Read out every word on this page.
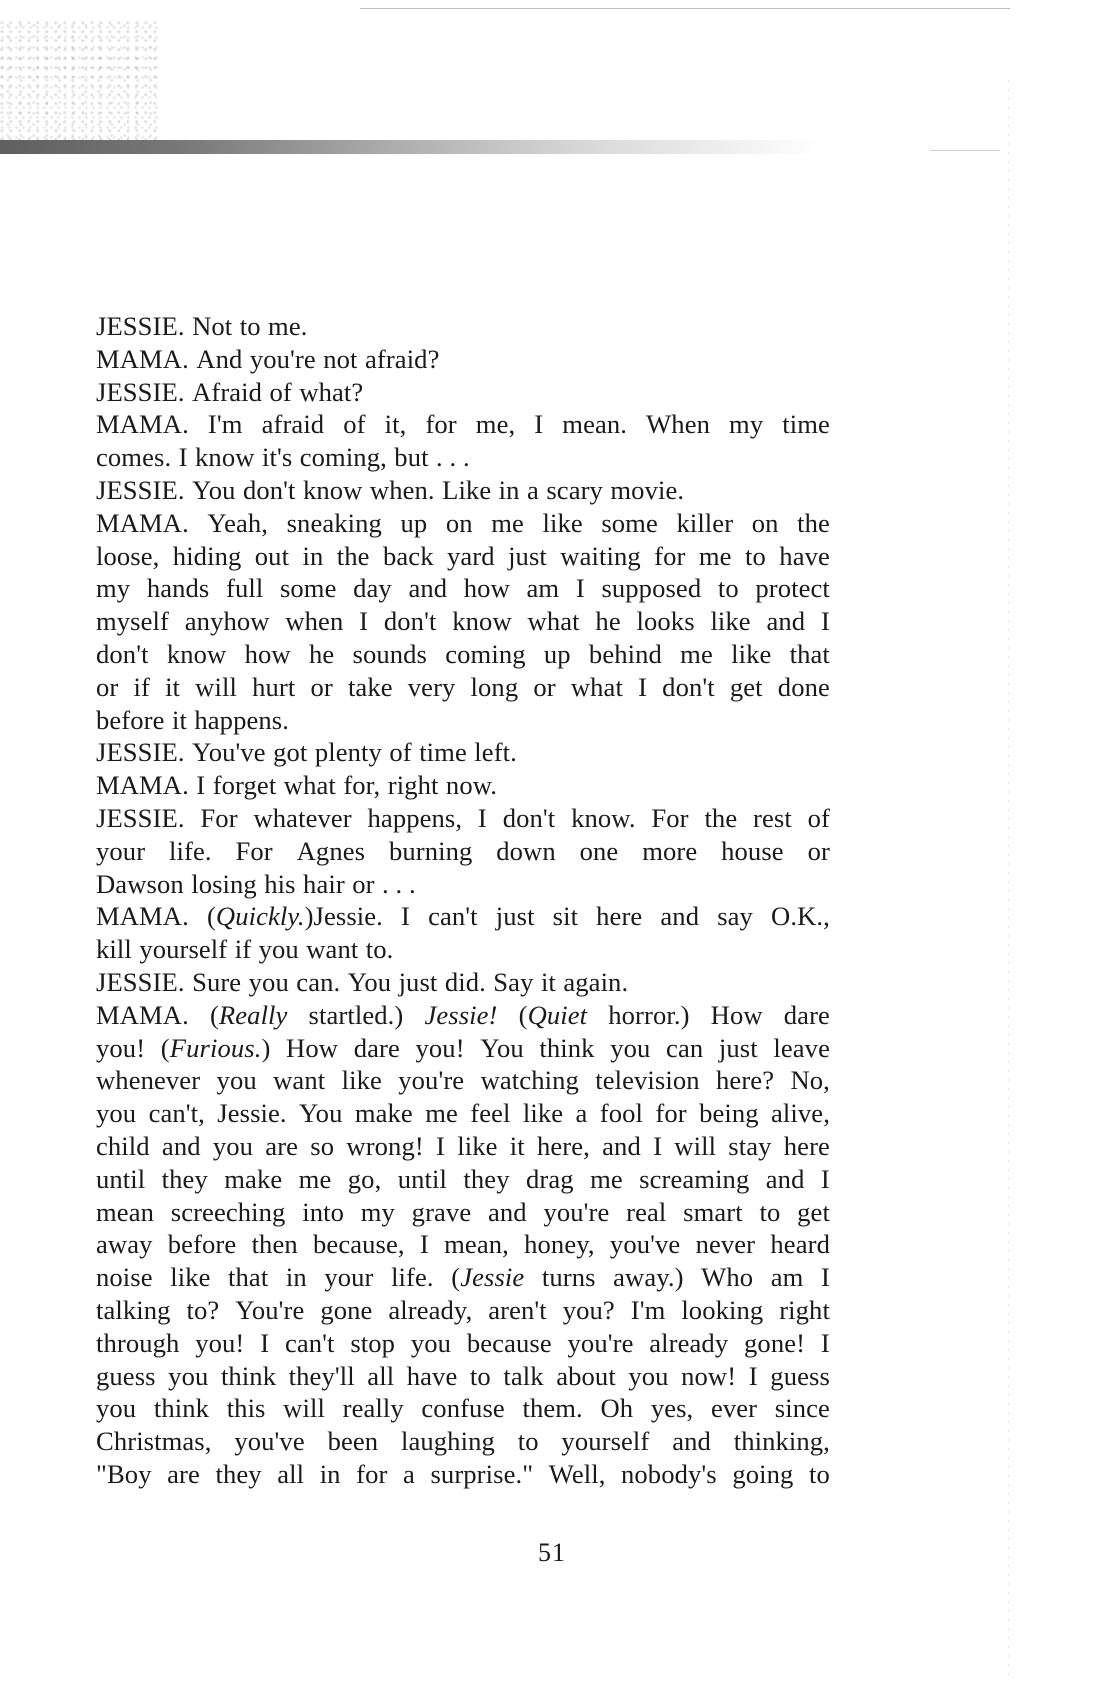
JESSIE. Not to me.
MAMA. And you're not afraid?
JESSIE. Afraid of what?
MAMA. I'm afraid of it, for me, I mean. When my time
comes. I know it's coming, but . . .
JESSIE. You don't know when. Like in a scary movie.
MAMA. Yeah, sneaking up on me like some killer on the
loose, hiding out in the back yard just waiting for me to have
my hands full some day and how am I supposed to protect
myself anyhow when I don't know what he looks like and I
don't know how he sounds coming up behind me like that
or if it will hurt or take very long or what I don't get done
before it happens.
JESSIE. You've got plenty of time left.
MAMA. I forget what for, right now.
JESSIE. For whatever happens, I don't know. For the rest of
your life. For Agnes burning down one more house or
Dawson losing his hair or . . .
MAMA. (Quickly.)Jessie. I can't just sit here and say O.K.,
kill yourself if you want to.
JESSIE. Sure you can. You just did. Say it again.
MAMA. (Really startled.) Jessie! (Quiet horror.) How dare
you! (Furious.) How dare you! You think you can just leave
whenever you want like you're watching television here? No,
you can't, Jessie. You make me feel like a fool for being alive,
child and you are so wrong! I like it here, and I will stay here
until they make me go, until they drag me screaming and I
mean screeching into my grave and you're real smart to get
away before then because, I mean, honey, you've never heard
noise like that in your life. (Jessie turns away.) Who am I
talking to? You're gone already, aren't you? I'm looking right
through you! I can't stop you because you're already gone! I
guess you think they'll all have to talk about you now! I guess
you think this will really confuse them. Oh yes, ever since
Christmas, you've been laughing to yourself and thinking,
"Boy are they all in for a surprise." Well, nobody's going to
51
